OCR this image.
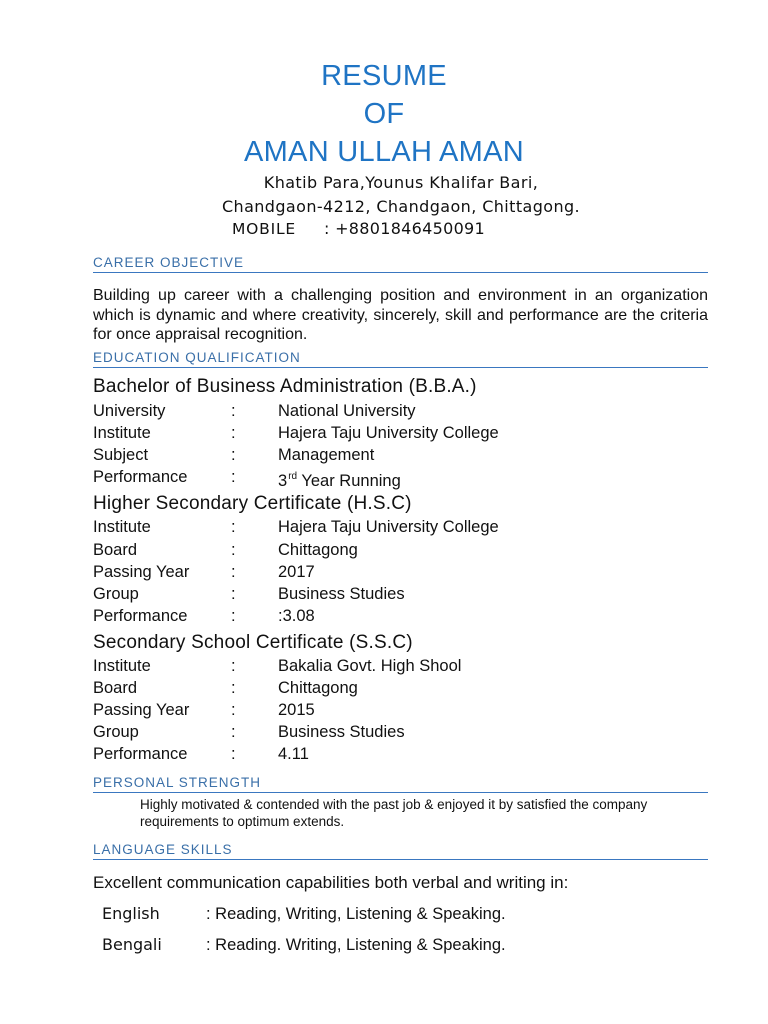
RESUME
OF
AMAN ULLAH AMAN
Khatib Para,Younus Khalifar Bari,
Chandgaon-4212, Chandgaon, Chittagong.
MOBILE : +8801846450091
CAREER OBJECTIVE
Building up career with a challenging position and environment in an organization which is dynamic and where creativity, sincerely, skill and performance are the criteria for once appraisal recognition.
EDUCATION QUALIFICATION
Bachelor of Business Administration (B.B.A.)
University	:	National University
Institute	:	Hajera Taju University College
Subject	:	Management
Performance	:	3rd Year Running
Higher Secondary Certificate (H.S.C)
Institute	:	Hajera Taju University College
Board	:	Chittagong
Passing Year	:	2017
Group	:	Business Studies
Performance	:	:3.08
Secondary School Certificate (S.S.C)
Institute	:	Bakalia Govt. High Shool
Board	:	Chittagong
Passing Year	:	2015
Group	:	Business Studies
Performance	:	4.11
PERSONAL STRENGTH
Highly motivated & contended with the past job & enjoyed it by satisfied the company requirements to optimum extends.
LANGUAGE SKILLS
Excellent communication capabilities both verbal and writing in:
English	: Reading, Writing, Listening & Speaking.
Bengali	: Reading. Writing, Listening & Speaking.
